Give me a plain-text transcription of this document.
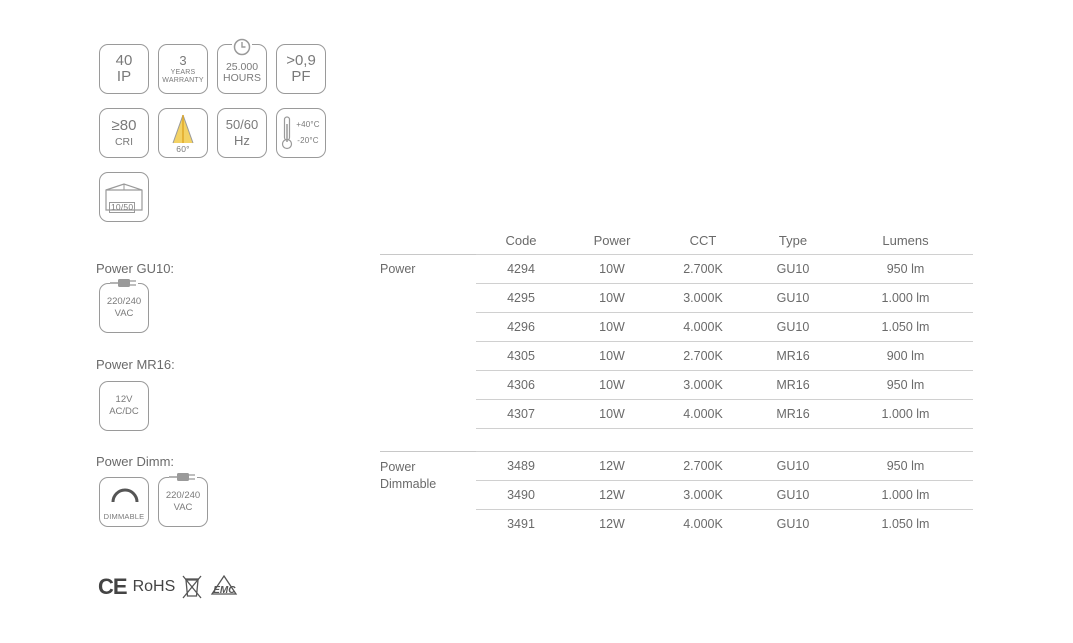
40
IP
3
YEARS
WARRANTY
25.000
HOURS
>0,9
PF
≥80
CRI
60°
50/60
Hz
+40°C
-20°C
10/50
Power GU10:
220/240
VAC
Power MR16:
12V
AC/DC
Power Dimm:
DIMMABLE
220/240
VAC
	Code	Power	CCT	Type	Lumens
Power	4294	10W	2.700K	GU10	950 lm
	4295	10W	3.000K	GU10	1.000 lm
	4296	10W	4.000K	GU10	1.050 lm
	4305	10W	2.700K	MR16	900 lm
	4306	10W	3.000K	MR16	950 lm
	4307	10W	4.000K	MR16	1.000 lm

Power
Dimmable	3489	12W	2.700K	GU10	950 lm
	3490	12W	3.000K	GU10	1.000 lm
	3491	12W	4.000K	GU10	1.050 lm
CE RoHS	EMC
